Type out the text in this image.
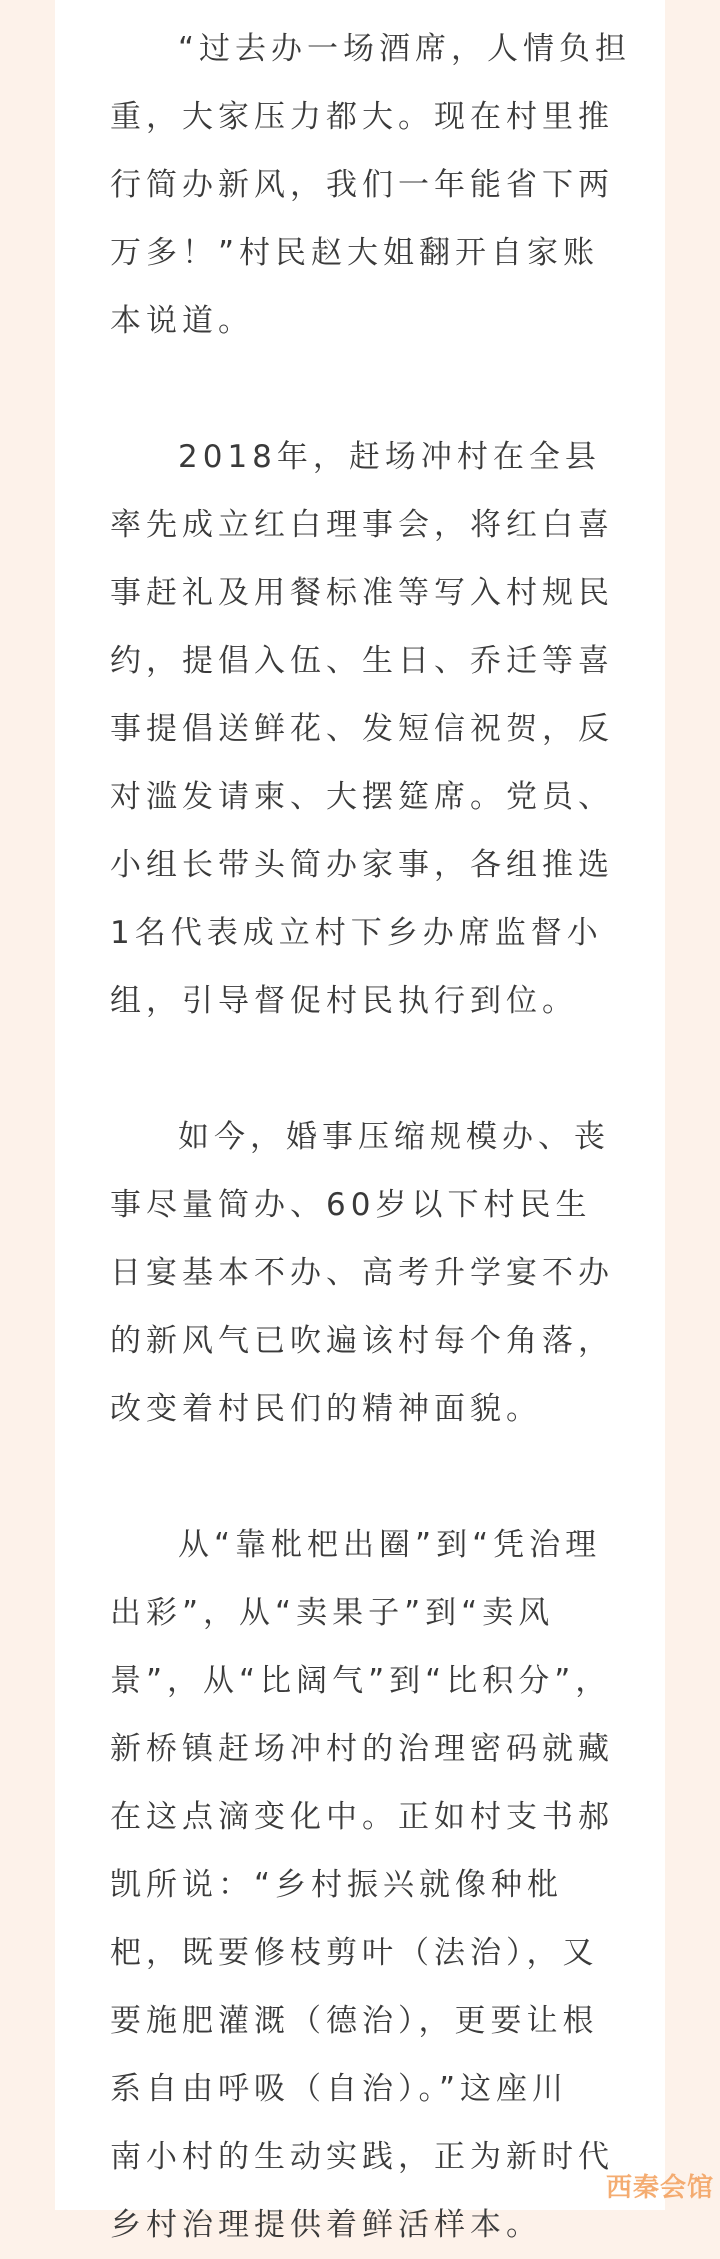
“过去办一场酒席，人情负担
重，大家压力都大。现在村里推
行简办新风，我们一年能省下两
万多！”村民赵大姐翻开自家账
本说道。

2018年，赶场冲村在全县
率先成立红白理事会，将红白喜
事赶礼及用餐标准等写入村规民
约，提倡入伍、生日、乔迁等喜
事提倡送鲜花、发短信祝贺，反
对滥发请柬、大摆筵席。党员、
小组长带头简办家事，各组推选
1名代表成立村下乡办席监督小
组，引导督促村民执行到位。

如今，婚事压缩规模办、丧
事尽量简办、60岁以下村民生
日宴基本不办、高考升学宴不办
的新风气已吹遍该村每个角落，
改变着村民们的精神面貌。

从“靠枇杷出圈”到“凭治理
出彩”，从“卖果子”到“卖风
景”，从“比阔气”到“比积分”，
新桥镇赶场冲村的治理密码就藏
在这点滴变化中。正如村支书郝
凯所说：“乡村振兴就像种枇
杷，既要修枝剪叶（法治），又
要施肥灌溉（德治），更要让根
系自由呼吸（自治）。”这座川
南小村的生动实践，正为新时代
乡村治理提供着鲜活样本。

西秦会馆
